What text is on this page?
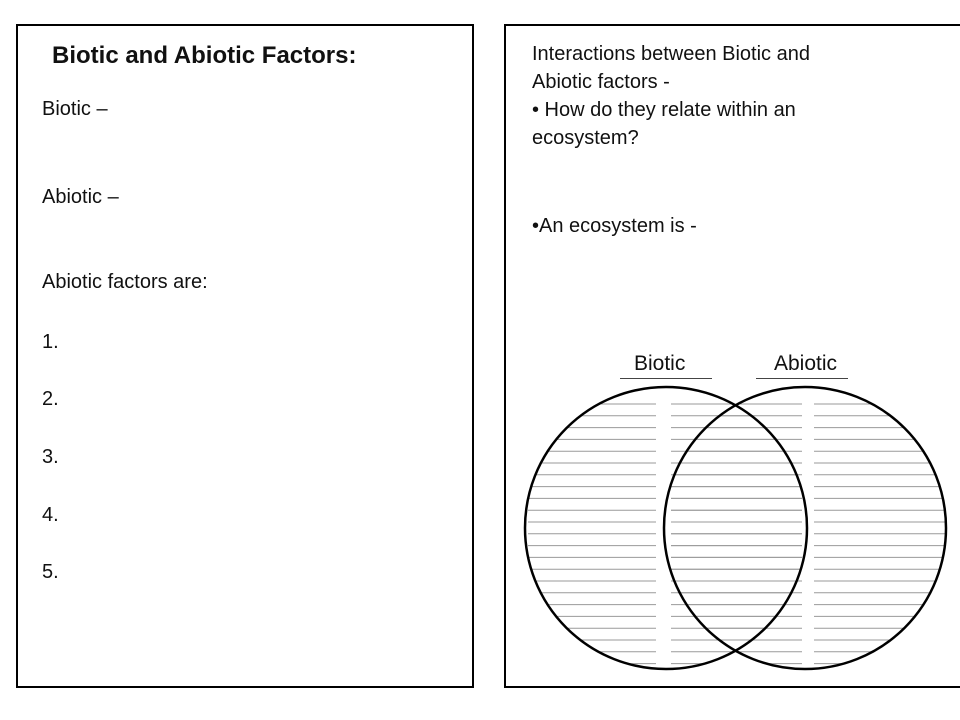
Biotic and Abiotic Factors:
Biotic –
Abiotic –
Abiotic factors are:
1.
2.
3.
4.
5.
Interactions between Biotic and
Abiotic factors -
• How do they relate within an
ecosystem?
•An ecosystem is -
Biotic	Abiotic
